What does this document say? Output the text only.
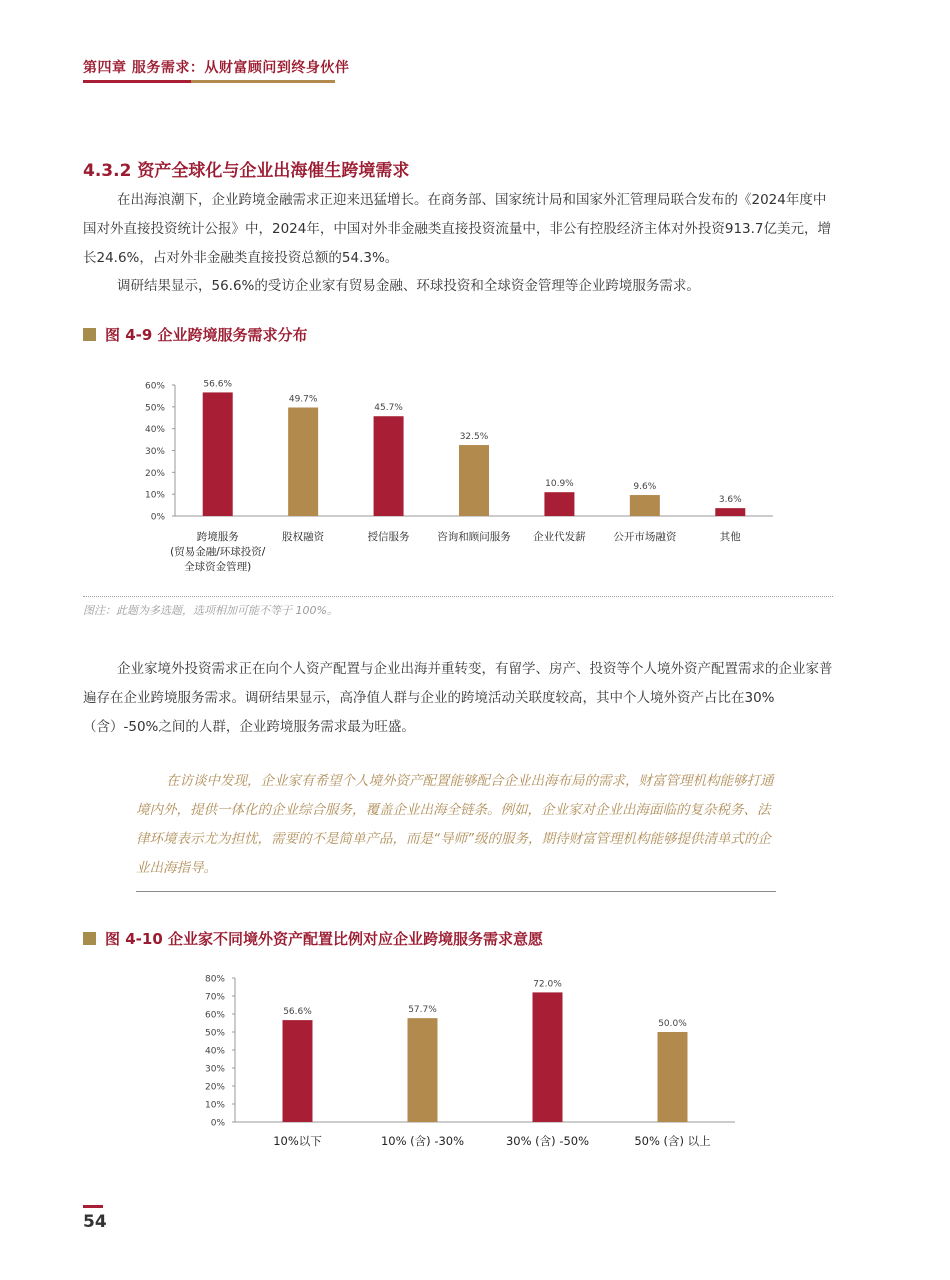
第四章 服务需求：从财富顾问到终身伙伴
4.3.2 资产全球化与企业出海催生跨境需求
在出海浪潮下，企业跨境金融需求正迎来迅猛增长。在商务部、国家统计局和国家外汇管理局联合发布的《2024年度中国对外直接投资统计公报》中，2024年，中国对外非金融类直接投资流量中，非公有控股经济主体对外投资913.7亿美元，增长24.6%，占对外非金融类直接投资总额的54.3%。
调研结果显示，56.6%的受访企业家有贸易金融、环球投资和全球资金管理等企业跨境服务需求。
图 4-9 企业跨境服务需求分布
0%
10%
20%
30%
40%
50%
60%	56.6%
跨境服务
(贸易金融/环球投资/
全球资金管理)
49.7%
股权融资
45.7%
授信服务
32.5%
咨询和顾问服务
10.9%
企业代发薪
9.6%
公开市场融资
3.6%
其他
图注：此题为多选题，选项相加可能不等于 100%。
企业家境外投资需求正在向个人资产配置与企业出海并重转变，有留学、房产、投资等个人境外资产配置需求的企业家普遍存在企业跨境服务需求。调研结果显示，高净值人群与企业的跨境活动关联度较高，其中个人境外资产占比在30%（含）-50%之间的人群，企业跨境服务需求最为旺盛。
在访谈中发现，企业家有希望个人境外资产配置能够配合企业出海布局的需求，财富管理机构能够打通境内外，提供一体化的企业综合服务，覆盖企业出海全链条。例如，企业家对企业出海面临的复杂税务、法律环境表示尤为担忧，需要的不是简单产品，而是“导师”级的服务，期待财富管理机构能够提供清单式的企业出海指导。
图 4-10 企业家不同境外资产配置比例对应企业跨境服务需求意愿
0%
10%
20%
30%
40%
50%
60%
70%
80%
56.6%
10%以下
57.7%
10% (含) -30%
72.0%
30% (含) -50%
50.0%
50% (含) 以上
54
